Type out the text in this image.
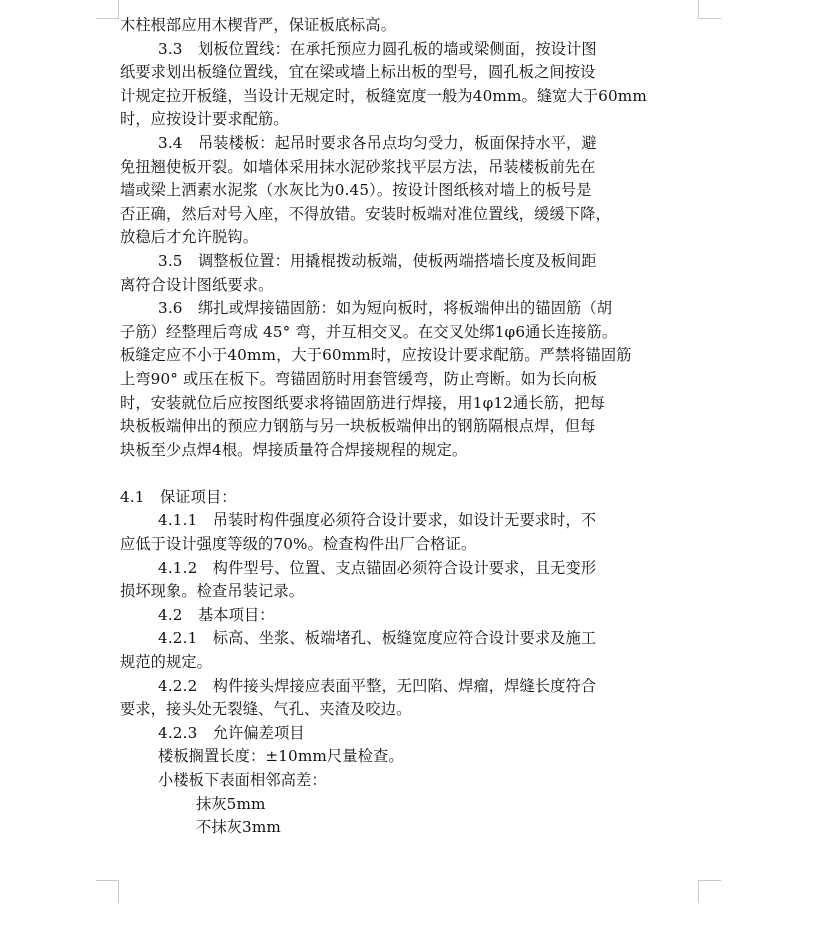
木柱根部应用木楔背严，保证板底标高。
3.3　划板位置线：在承托预应力圆孔板的墙或梁侧面，按设计图
纸要求划出板缝位置线，宜在梁或墙上标出板的型号，圆孔板之间按设
计规定拉开板缝，当设计无规定时，板缝宽度一般为40mm。缝宽大于60mm
时，应按设计要求配筋。
3.4　吊装楼板：起吊时要求各吊点均匀受力，板面保持水平，避
免扭翘使板开裂。如墙体采用抹水泥砂浆找平层方法，吊装楼板前先在
墙或梁上洒素水泥浆（水灰比为0.45）。按设计图纸核对墙上的板号是
否正确，然后对号入座，不得放错。安装时板端对准位置线，缓缓下降，
放稳后才允许脱钩。
3.5　调整板位置：用撬棍拨动板端，使板两端搭墙长度及板间距
离符合设计图纸要求。
3.6　绑扎或焊接锚固筋：如为短向板时，将板端伸出的锚固筋（胡
子筋）经整理后弯成 45° 弯，并互相交叉。在交叉处绑1φ6通长连接筋。
板缝定应不小于40mm，大于60mm时，应按设计要求配筋。严禁将锚固筋
上弯90° 或压在板下。弯锚固筋时用套管缓弯，防止弯断。如为长向板
时，安装就位后应按图纸要求将锚固筋进行焊接，用1φ12通长筋，把每
块板板端伸出的预应力钢筋与另一块板板端伸出的钢筋隔根点焊，但每
块板至少点焊4根。焊接质量符合焊接规程的规定。
4.1　保证项目：
4.1.1　吊装时构件强度必须符合设计要求，如设计无要求时，不
应低于设计强度等级的70%。检查构件出厂合格证。
4.1.2　构件型号、位置、支点锚固必须符合设计要求，且无变形
损坏现象。检查吊装记录。
4.2　基本项目：
4.2.1　标高、坐浆、板端堵孔、板缝宽度应符合设计要求及施工
规范的规定。
4.2.2　构件接头焊接应表面平整，无凹陷、焊瘤，焊缝长度符合
要求，接头处无裂缝、气孔、夹渣及咬边。
4.2.3　允许偏差项目
楼板搁置长度：±10mm尺量检查。
小楼板下表面相邻高差：
抹灰5mm
不抹灰3mm
